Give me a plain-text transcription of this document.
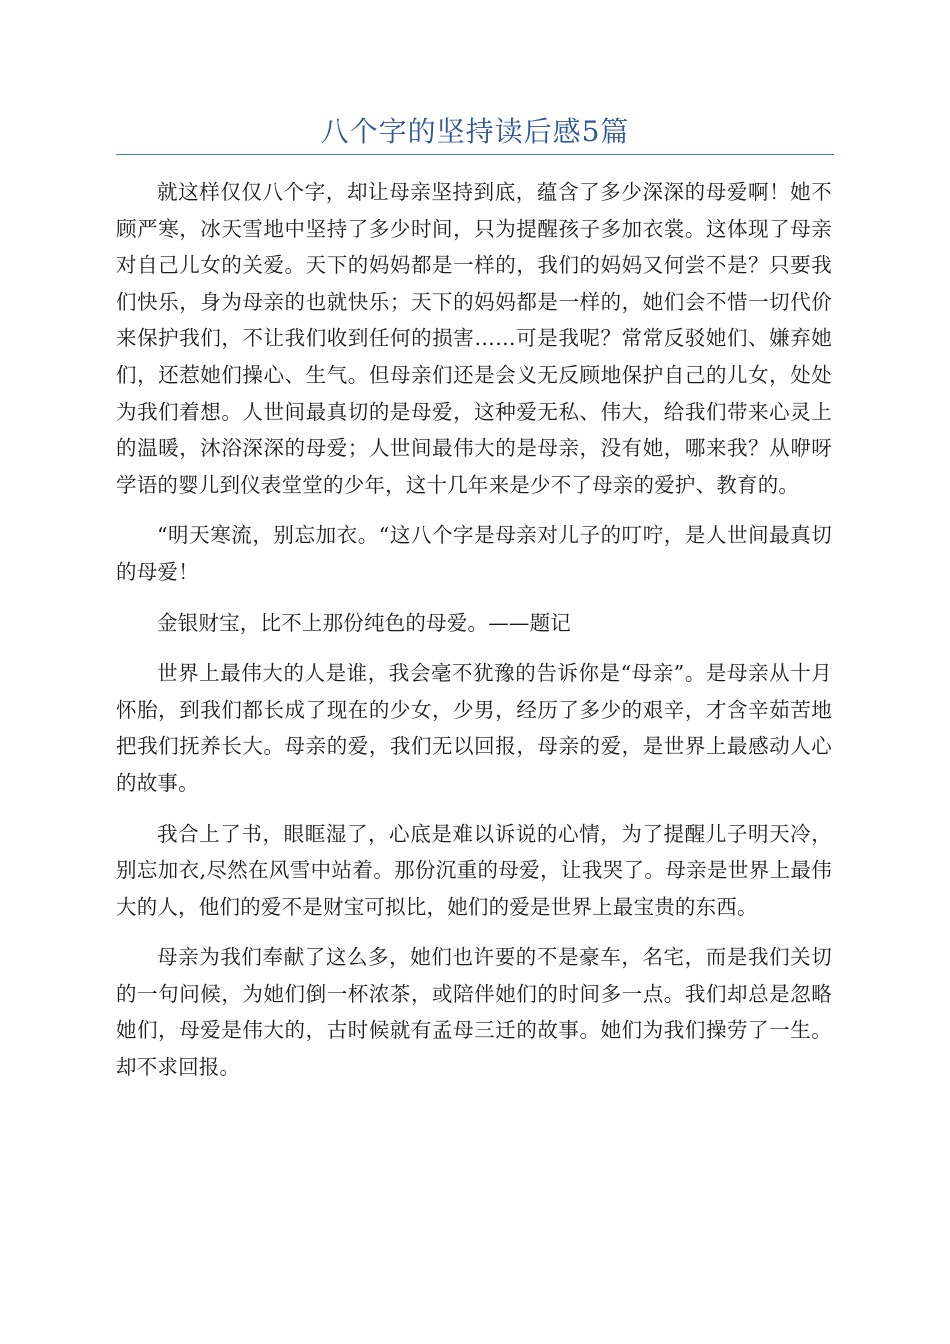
八个字的坚持读后感5篇

就这样仅仅八个字，却让母亲坚持到底，蕴含了多少深深的母爱啊！她不顾严寒，冰天雪地中坚持了多少时间，只为提醒孩子多加衣裳。这体现了母亲对自己儿女的关爱。天下的妈妈都是一样的，我们的妈妈又何尝不是？只要我们快乐，身为母亲的也就快乐；天下的妈妈都是一样的，她们会不惜一切代价来保护我们，不让我们收到任何的损害……可是我呢？常常反驳她们、嫌弃她们，还惹她们操心、生气。但母亲们还是会义无反顾地保护自己的儿女，处处为我们着想。人世间最真切的是母爱，这种爱无私、伟大，给我们带来心灵上的温暖，沐浴深深的母爱；人世间最伟大的是母亲，没有她，哪来我？从咿呀学语的婴儿到仪表堂堂的少年，这十几年来是少不了母亲的爱护、教育的。

“明天寒流，别忘加衣。“这八个字是母亲对儿子的叮咛，是人世间最真切的母爱！

金银财宝，比不上那份纯色的母爱。——题记

世界上最伟大的人是谁，我会毫不犹豫的告诉你是“母亲”。是母亲从十月怀胎，到我们都长成了现在的少女，少男，经历了多少的艰辛，才含辛茹苦地把我们抚养长大。母亲的爱，我们无以回报，母亲的爱，是世界上最感动人心的故事。

我合上了书，眼眶湿了，心底是难以诉说的心情，为了提醒儿子明天冷，别忘加衣,尽然在风雪中站着。那份沉重的母爱，让我哭了。母亲是世界上最伟大的人，他们的爱不是财宝可拟比，她们的爱是世界上最宝贵的东西。

母亲为我们奉献了这么多，她们也许要的不是豪车，名宅，而是我们关切的一句问候，为她们倒一杯浓茶，或陪伴她们的时间多一点。我们却总是忽略她们，母爱是伟大的，古时候就有孟母三迁的故事。她们为我们操劳了一生。却不求回报。
